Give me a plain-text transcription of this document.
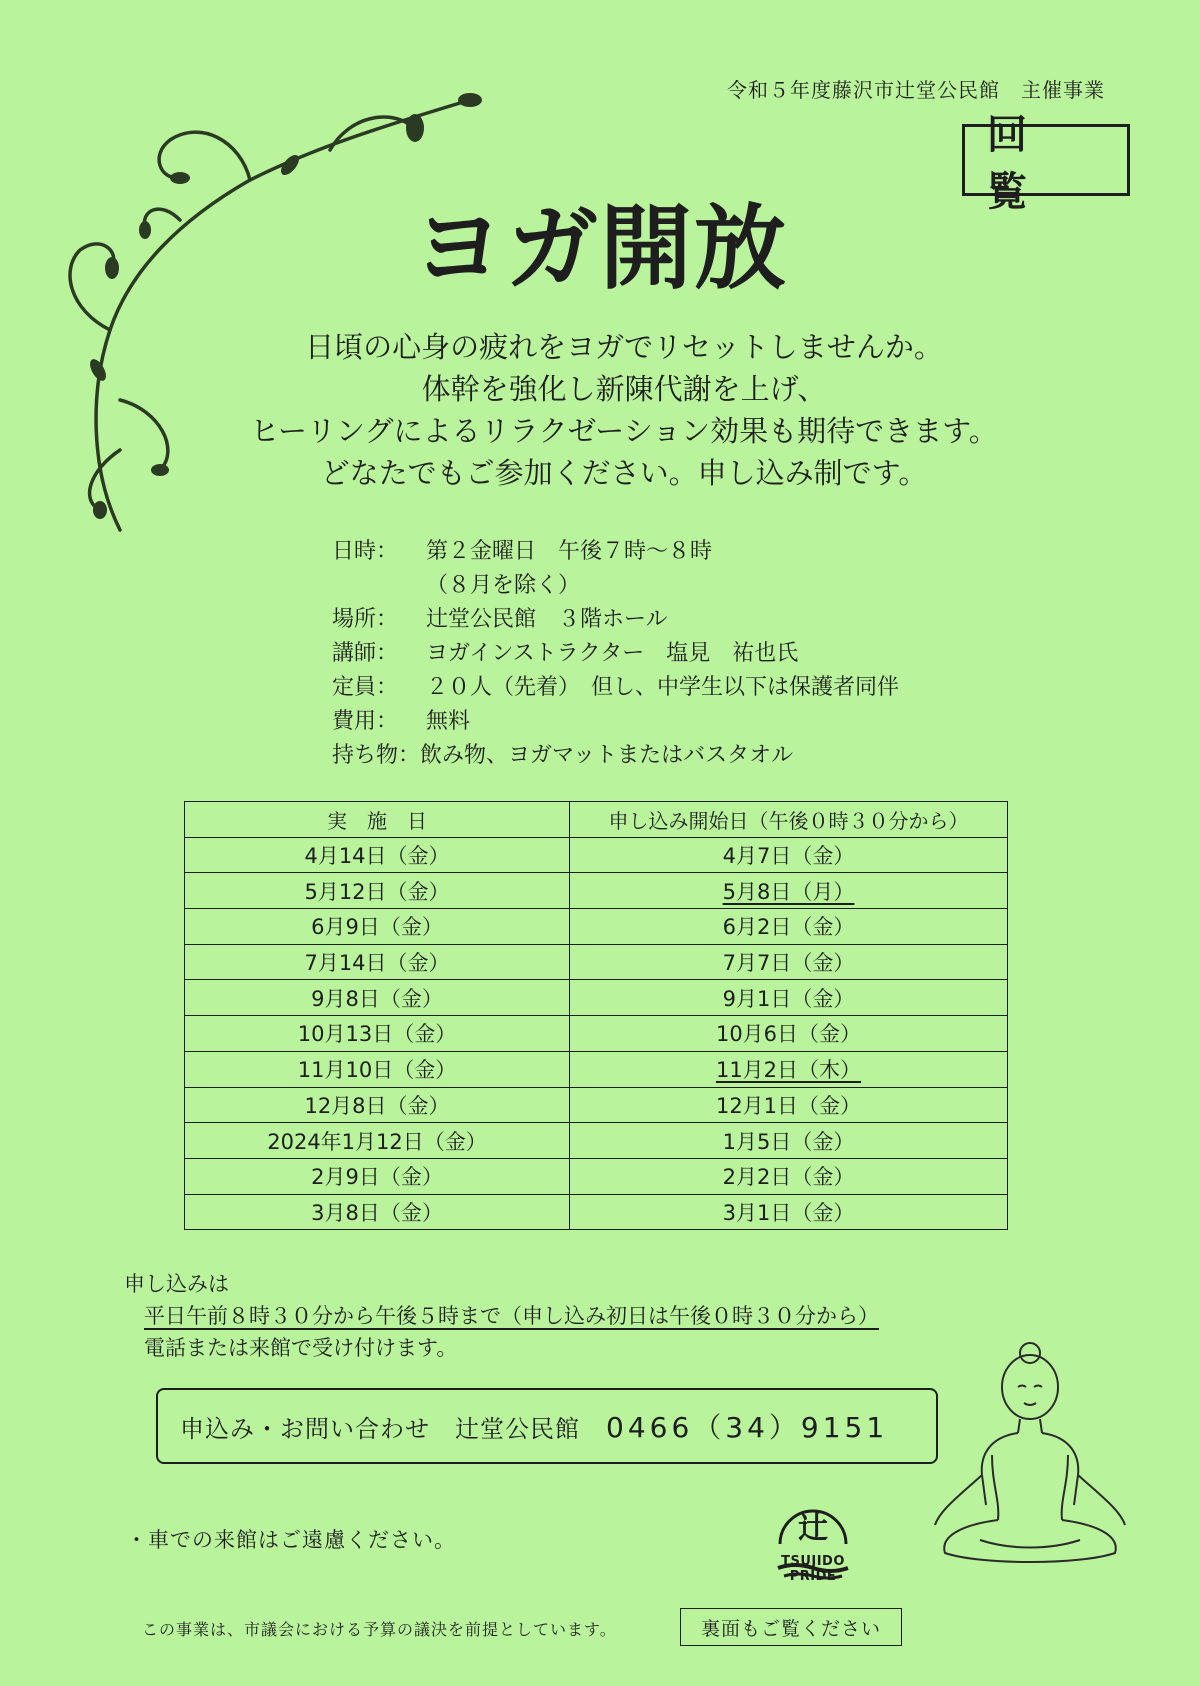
令和５年度藤沢市辻堂公民館　主催事業
回 覧
ヨガ開放
日頃の心身の疲れをヨガでリセットしませんか。
体幹を強化し新陳代謝を上げ、
ヒーリングによるリラクゼーション効果も期待できます。
どなたでもご参加ください。申し込み制です。
日時：	第２金曜日　午後７時～８時
（８月を除く）
場所：	辻堂公民館　３階ホール
講師：	ヨガインストラクター　塩見　祐也氏
定員：	２０人（先着）　但し、中学生以下は保護者同伴
費用：	無料
持ち物： 飲み物、ヨガマットまたはバスタオル
実　施　日	申し込み開始日（午後０時３０分から）
4月14日（金）	4月7日（金）
5月12日（金）	5月8日（月）
6月9日（金）	6月2日（金）
7月14日（金）	7月7日（金）
9月8日（金）	9月1日（金）
10月13日（金）	10月6日（金）
11月10日（金）	11月2日（木）
12月8日（金）	12月1日（金）
2024年1月12日（金）	1月5日（金）
2月9日（金）	2月2日（金）
3月8日（金）	3月1日（金）
申し込みは
平日午前８時３０分から午後５時まで（申し込み初日は午後０時３０分から）
電話または来館で受け付けます。
申込み・お問い合わせ　辻堂公民館 0466（34）9151
・車での来館はご遠慮ください。	辻
TSUJIDO PRIDE
この事業は、市議会における予算の議決を前提としています。	裏面もご覧ください
